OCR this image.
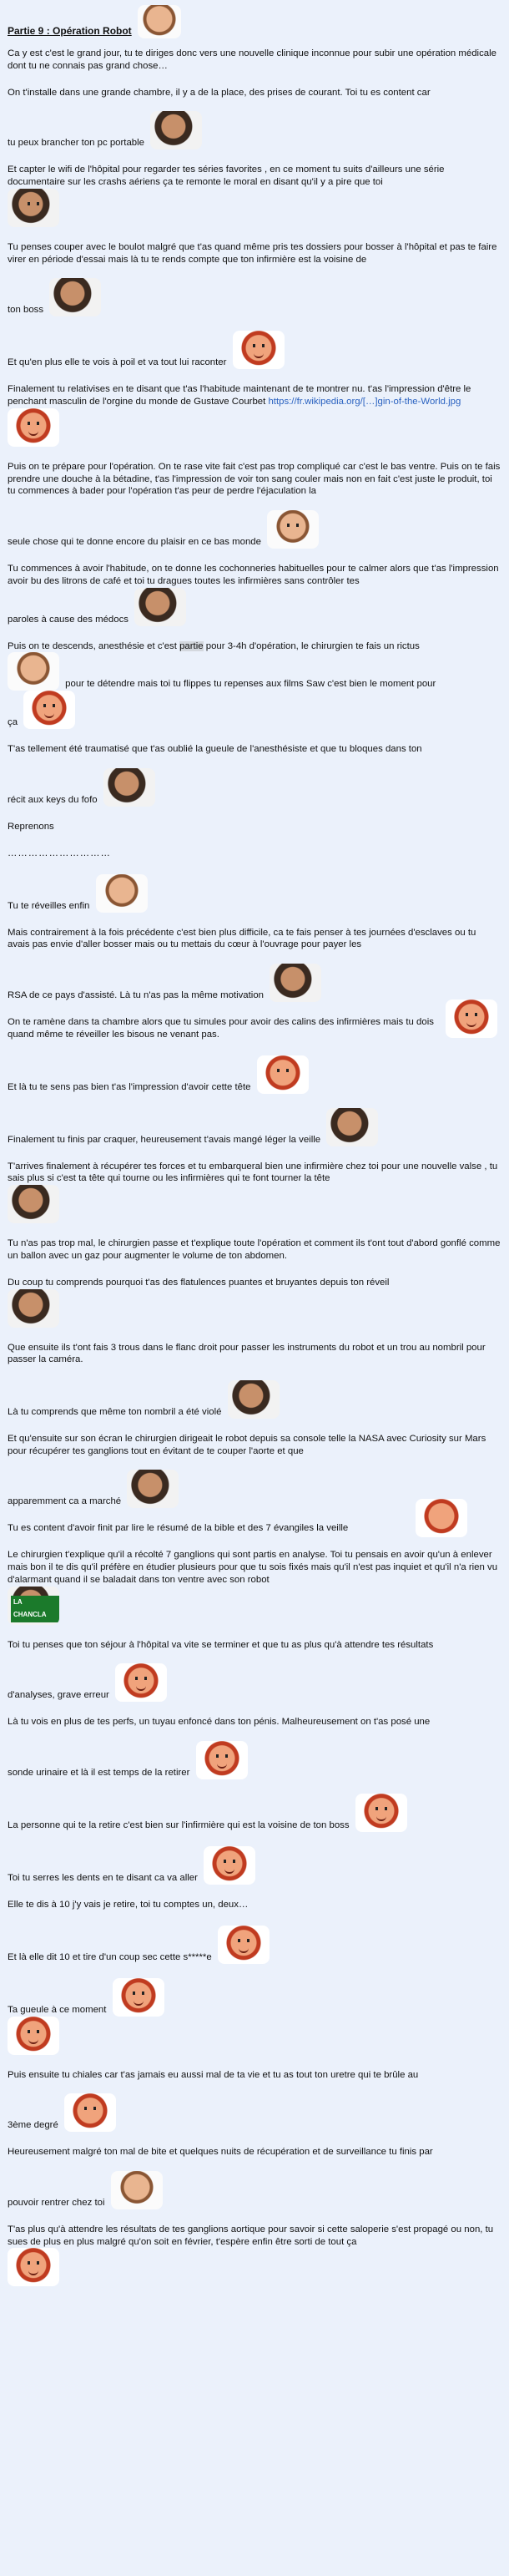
Partie 9 : Opération Robot
Ca y est c'est le grand jour, tu te diriges donc vers une nouvelle clinique inconnue pour subir une opération médicale dont tu ne connais pas grand chose…
On t'installe dans une grande chambre, il y a de la place, des prises de courant. Toi tu es content car

tu peux brancher ton pc portable
Et capter le wifi de l'hôpital pour regarder tes séries favorites , en ce moment tu suits d'ailleurs une série documentaire sur les crashs aériens ça te remonte le moral en disant qu'il y a pire que toi

Tu penses couper avec le boulot malgré que t'as quand même pris tes dossiers pour bosser à l'hôpital et pas te faire virer en période d'essai mais là tu te rends compte que ton infirmière est la voisine de

ton boss
Et qu'en plus elle te vois à poil et va tout lui raconter
Finalement tu relativises en te disant que t'as l'habitude maintenant de te montrer nu. t'as l'impression d'être le penchant masculin de l'orgine du monde de Gustave Courbet https://fr.wikipedia.org/[…]gin-of-the-World.jpg

Puis on te prépare pour l'opération. On te rase vite fait c'est pas trop compliqué car c'est le bas ventre. Puis on te fais prendre une douche à la bétadine, t'as l'impression de voir ton sang couler mais non en fait c'est juste le produit, toi tu commences à bader pour l'opération t'as peur de perdre l'éjaculation la

seule chose qui te donne encore du plaisir en ce bas monde
Tu commences à avoir l'habitude, on te donne les cochonneries habituelles pour te calmer alors que t'as l'impression avoir bu des litrons de café et toi tu dragues toutes les infirmières sans contrôler tes
paroles à cause des médocs
Puis on te descends, anesthésie et c'est partie pour 3-4h d'opération, le chirurgien te fais un rictus
pour te détendre mais toi tu flippes tu repenses aux films Saw c'est bien le moment pour
ça
T'as tellement été traumatisé que t'as oublié la gueule de l'anesthésiste et que tu bloques dans ton

récit aux keys du fofo
Reprenons
…………………………
Tu te réveilles enfin
Mais contrairement à la fois précédente c'est bien plus difficile, ca te fais penser à tes journées d'esclaves ou tu avais pas envie d'aller bosser mais ou tu mettais du cœur à l'ouvrage pour payer les

RSA de ce pays d'assisté. Là tu n'as pas la même motivation
On te ramène dans ta chambre alors que tu simules pour avoir des calins des infirmières mais tu dois quand même te réveiller les bisous ne venant pas.
Et là tu te sens pas bien t'as l'impression d'avoir cette tête
Finalement tu finis par craquer, heureusement t'avais mangé léger la veille
T'arrives finalement à récupérer tes forces et tu embarqueral bien une infirmière chez toi pour une nouvelle valse , tu sais plus si c'est ta tête qui tourne ou les infirmières qui te font tourner la tête

Tu n'as pas trop mal, le chirurgien passe et t'explique toute l'opération et comment ils t'ont tout d'abord gonflé comme un ballon avec un gaz pour augmenter le volume de ton abdomen.
Du coup tu comprends pourquoi t'as des flatulences puantes et bruyantes depuis ton réveil

Que ensuite ils t'ont fais 3 trous dans le flanc droit pour passer les instruments du robot et un trou au nombril pour passer la caméra.
Là tu comprends que même ton nombril a été violé
Et qu'ensuite sur son écran le chirurgien dirigeait le robot depuis sa console telle la NASA avec Curiosity sur Mars pour récupérer tes ganglions tout en évitant de te couper l'aorte et que

apparemment ca a marché
Tu es content d'avoir finit par lire le résumé de la bible et des 7 évangiles la veille
Le chirurgien t'explique qu'il a récolté 7 ganglions qui sont partis en analyse. Toi tu pensais en avoir qu'un à enlever mais bon il te dis qu'il préfère en étudier plusieurs pour que tu sois fixés mais qu'il n'est pas inquiet et qu'il n'a rien vu d'alarmant quand il se baladait dans ton ventre avec son robot
LA CHANCLA
Toi tu penses que ton séjour à l'hôpital va vite se terminer et que tu as plus qu'à attendre tes résultats

d'analyses, grave erreur
Là tu vois en plus de tes perfs, un tuyau enfoncé dans ton pénis. Malheureusement on t'as posé une

sonde urinaire et là il est temps de la retirer
La personne qui te la retire c'est bien sur l'infirmière qui est la voisine de ton boss
Toi tu serres les dents en te disant ca va aller
Elle te dis à 10 j'y vais je retire, toi tu comptes un, deux…
Et là elle dit 10 et tire d'un coup sec cette s*****e
Ta gueule à ce moment

Puis ensuite tu chiales car t'as jamais eu aussi mal de ta vie et tu as tout ton uretre qui te brûle au

3ème degré
Heureusement malgré ton mal de bite et quelques nuits de récupération et de surveillance tu finis par

pouvoir rentrer chez toi
T'as plus qu'à attendre les résultats de tes ganglions aortique pour savoir si cette saloperie s'est propagé ou non, tu sues de plus en plus malgré qu'on soit en février, t'espère enfin être sorti de tout ça
